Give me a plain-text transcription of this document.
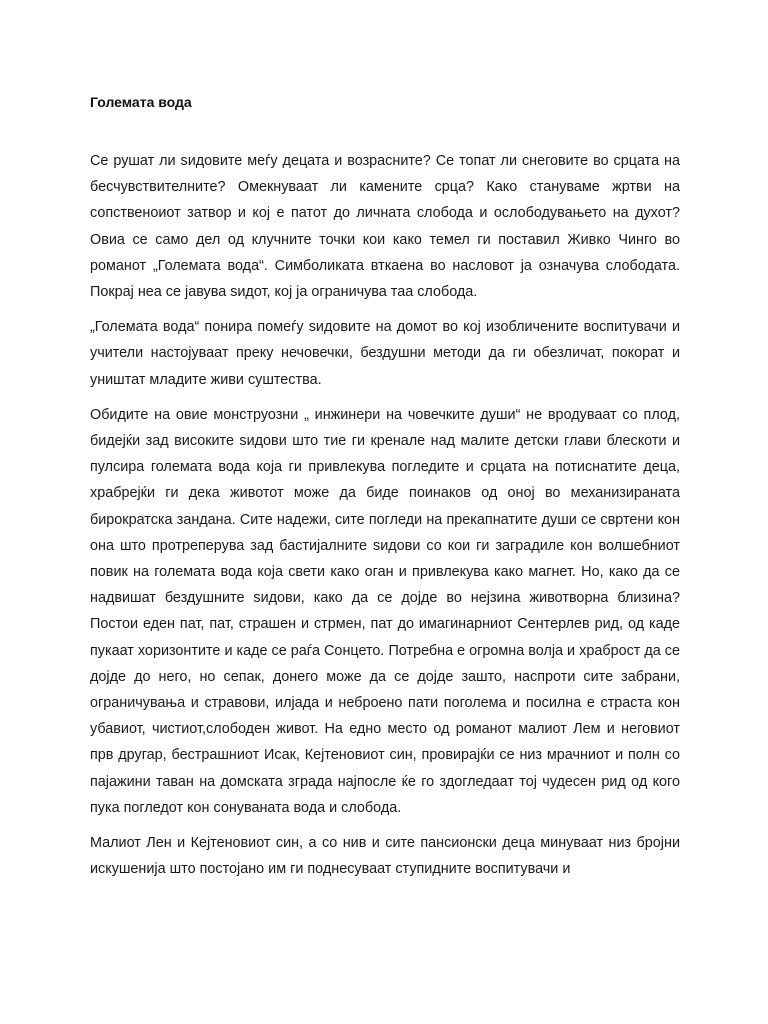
Големата вода

Се рушат ли ѕидовите меѓу децата и возрасните? Се топат ли снеговите во срцата на бесчувствителните? Омекнуваат ли камените срца? Како стануваме жртви на сопственоиот затвор и кој е патот до личната слобода и ослободувањето на духот? Овиа се само дел од клучните точки кои како темел ги поставил Живко Чинго во романот „Големата вода“. Симболиката вткаена во насловот ја означува слободата. Покрај неа се јавува ѕидот, кој ја ограничува таа слобода.

„Големата вода“ понира помеѓу ѕидовите на домот во кој изобличените воспитувачи и учители настојуваат преку нечовечки, бездушни методи да ги обезличат, покорат и уништат младите живи суштества.

Обидите на овие монструозни „ инжинери на човечките души“ не вродуваат со плод, бидејќи зад високите ѕидови што тие ги кренале над малите детски глави блескоти и пулсира големата вода која ги привлекува погледите и срцата на потиснатите деца, храбрејќи ги дека животот може да биде поинаков од оној во механизираната бирократска зандана. Сите надежи, сите погледи на прекапнатите души се свртени кон она што протреперува зад бастијалните ѕидови со кои ги заградиле кон волшебниот повик на големата вода која свети како оган и привлекува како магнет. Но, како да се надвишат бездушните ѕидови, како да се дојде во нејзина животворна близина? Постои еден пат, пат, страшен и стрмен, пат до имагинарниот Сентерлев рид, од каде пукаат хоризонтите и каде се раѓа Сонцето. Потребна е огромна волја и храброст да се дојде до него, но сепак, донего може да се дојде зашто, наспроти сите забрани, ограничувања и стравови, илјада и неброено пати поголема и посилна е страста кон убавиот, чистиот,слободен живот. На едно место од романот малиот Лем и неговиот прв другар, бестрашниот Исак, Кејтеновиот син, провирајќи се низ мрачниот и полн со пајажини таван на домската зграда најпосле ќе го здогледаат тој чудесен рид од кого пука погледот кон сонуваната вода и слобода.

Малиот Лен и Кејтеновиот син, а со нив и сите пансионски деца минуваат низ бројни искушенија што постојано им ги поднесуваат ступидните воспитувачи и
